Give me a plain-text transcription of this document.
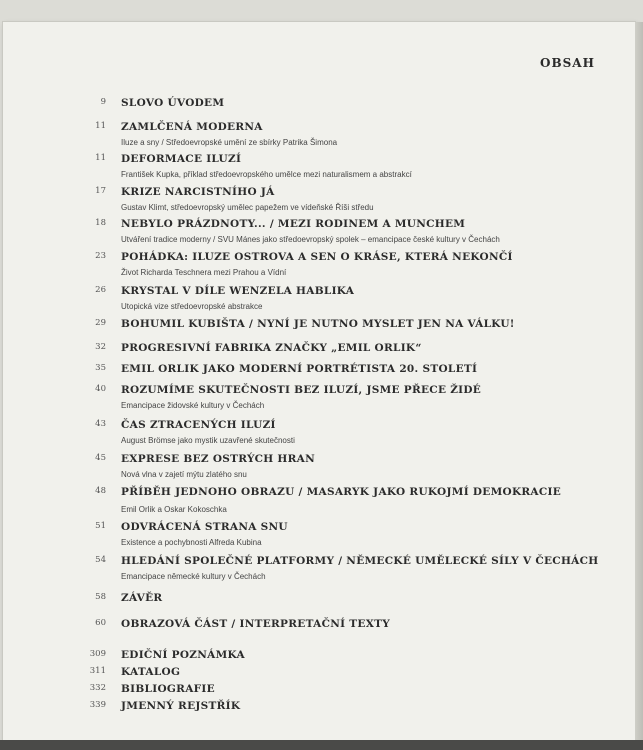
OBSAH
9 SLOVO ÚVODEM
11 ZAMLČENÁ MODERNA
Iluze a sny / Středoevropské umění ze sbírky Patrika Šimona
11 DEFORMACE ILUZÍ
František Kupka, příklad středoevropského umělce mezi naturalismem a abstrakcí
17 KRIZE NARCISTNÍHO JÁ
Gustav Klimt, středoevropský umělec papežem ve vídeňské Říši středu
18 NEBYLO PRÁZDNOTY... / MEZI RODINEM A MUNCHEM
Utváření tradice moderny / SVU Mánes jako středoevropský spolek – emancipace české kultury v Čechách
23 POHÁDKA: ILUZE OSTROVA A SEN O KRÁSE, KTERÁ NEKONČÍ
Život Richarda Teschnera mezi Prahou a Vídní
26 KRYSTAL V DÍLE WENZELA HABLIKA
Utopická vize středoevropské abstrakce
29 BOHUMIL KUBIŠTA / NYNÍ JE NUTNO MYSLET JEN NA VÁLKU!
32 PROGRESIVNÍ FABRIKA ZNAČKY „EMIL ORLIK“
35 EMIL ORLIK JAKO MODERNÍ PORTRÉTISTA 20. STOLETÍ
40 ROZUMÍME SKUTEČNOSTI BEZ ILUZÍ, JSME PŘECE ŽIDÉ
Emancipace židovské kultury v Čechách
43 ČAS ZTRACENÝCH ILUZÍ
August Brömse jako mystik uzavřené skutečnosti
45 EXPRESE BEZ OSTRÝCH HRAN
Nová vlna v zajetí mýtu zlatého snu
48 PŘÍBĚH JEDNOHO OBRAZU / MASARYK JAKO RUKOJMÍ DEMOKRACIE
Emil Orlik a Oskar Kokoschka
51 ODVRÁCENÁ STRANA SNU
Existence a pochybnosti Alfreda Kubina
54 HLEDÁNÍ SPOLEČNÉ PLATFORMY / NĚMECKÉ UMĚLECKÉ SÍLY V ČECHÁCH
Emancipace německé kultury v Čechách
58 ZÁVĚR
60 OBRAZOVÁ ČÁST / INTERPRETAČNÍ TEXTY
309 EDIČNÍ POZNÁMKA
311 KATALOG
332 BIBLIOGRAFIE
339 JMENNÝ REJSTŘÍK
